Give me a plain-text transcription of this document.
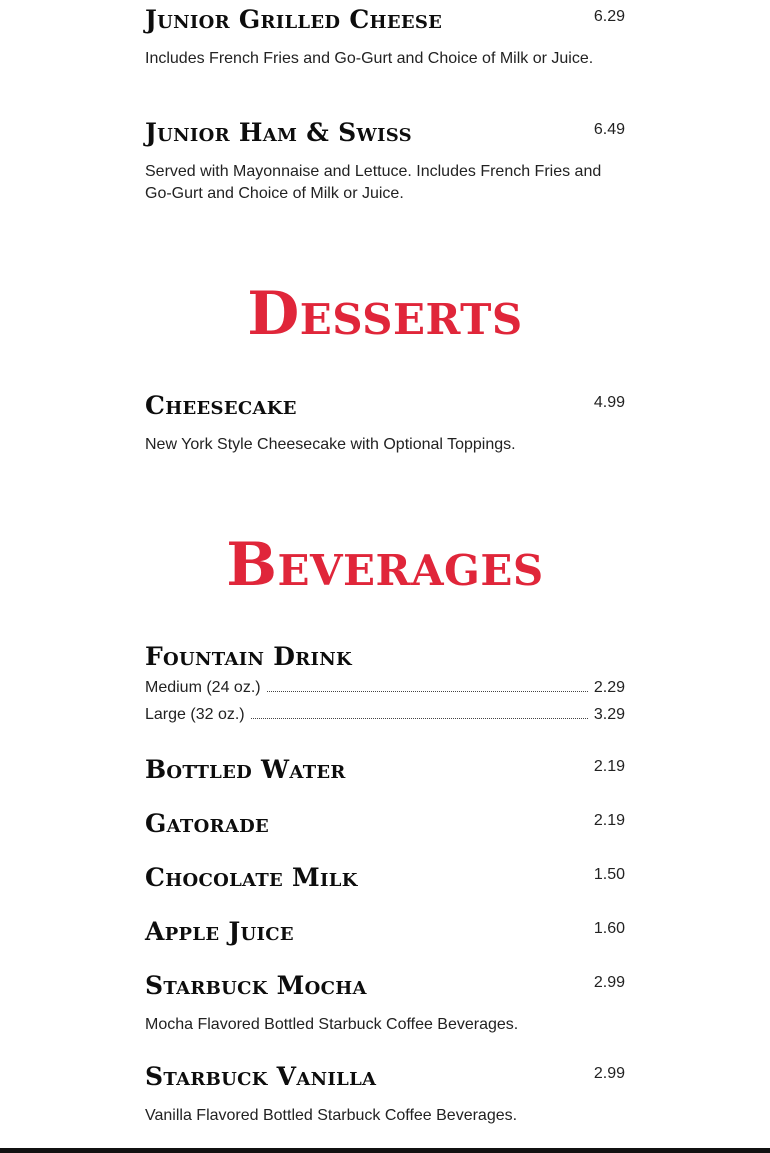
Junior Grilled Cheese	6.29

Includes French Fries and Go-Gurt and Choice of Milk or Juice.

Junior Ham & Swiss	6.49

Served with Mayonnaise and Lettuce. Includes French Fries and Go-Gurt and Choice of Milk or Juice.

Desserts
Cheesecake	4.99

New York Style Cheesecake with Optional Toppings.

Beverages
Fountain Drink
Medium (24 oz.)	2.29
Large (32 oz.)	3.29
Bottled Water	2.19
Gatorade	2.19
Chocolate Milk	1.50
Apple Juice	1.60
Starbuck Mocha	2.99

Mocha Flavored Bottled Starbuck Coffee Beverages.

Starbuck Vanilla	2.99

Vanilla Flavored Bottled Starbuck Coffee Beverages.
